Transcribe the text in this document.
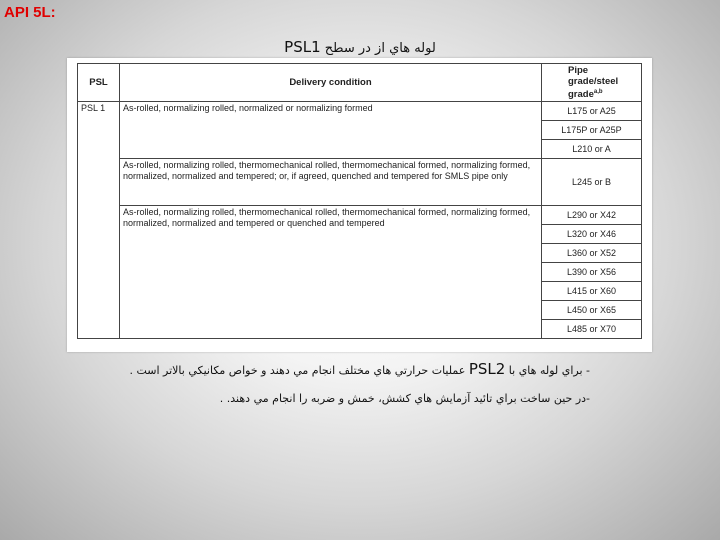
API 5L:
لوله هاي از در سطح PSL1
PSL	Delivery condition	Pipe grade/steel grade$^{a,b}$
PSL 1	As-rolled, normalizing rolled, normalized or normalizing formed	L175 or A25
		L175P or A25P
		L210 or A
	As-rolled, normalizing rolled, thermomechanical rolled, thermomechanical formed, normalizing formed, normalized, normalized and tempered; or, if agreed, quenched and tempered for SMLS pipe only	L245 or B
	As-rolled, normalizing rolled, thermomechanical rolled, thermomechanical formed, normalizing formed, normalized, normalized and tempered or quenched and tempered	L290 or X42
		L320 or X46
		L360 or X52
		L390 or X56
		L415 or X60
		L450 or X65
		L485 or X70

- براي لوله هاي با PSL2 عمليات حرارتي هاي مختلف انجام مي دهند و خواص مكانيكي بالاتر است .

-در حين ساخت براي تائيد آزمايش هاي كشش، خمش و ضربه را انجام مي دهند. .
